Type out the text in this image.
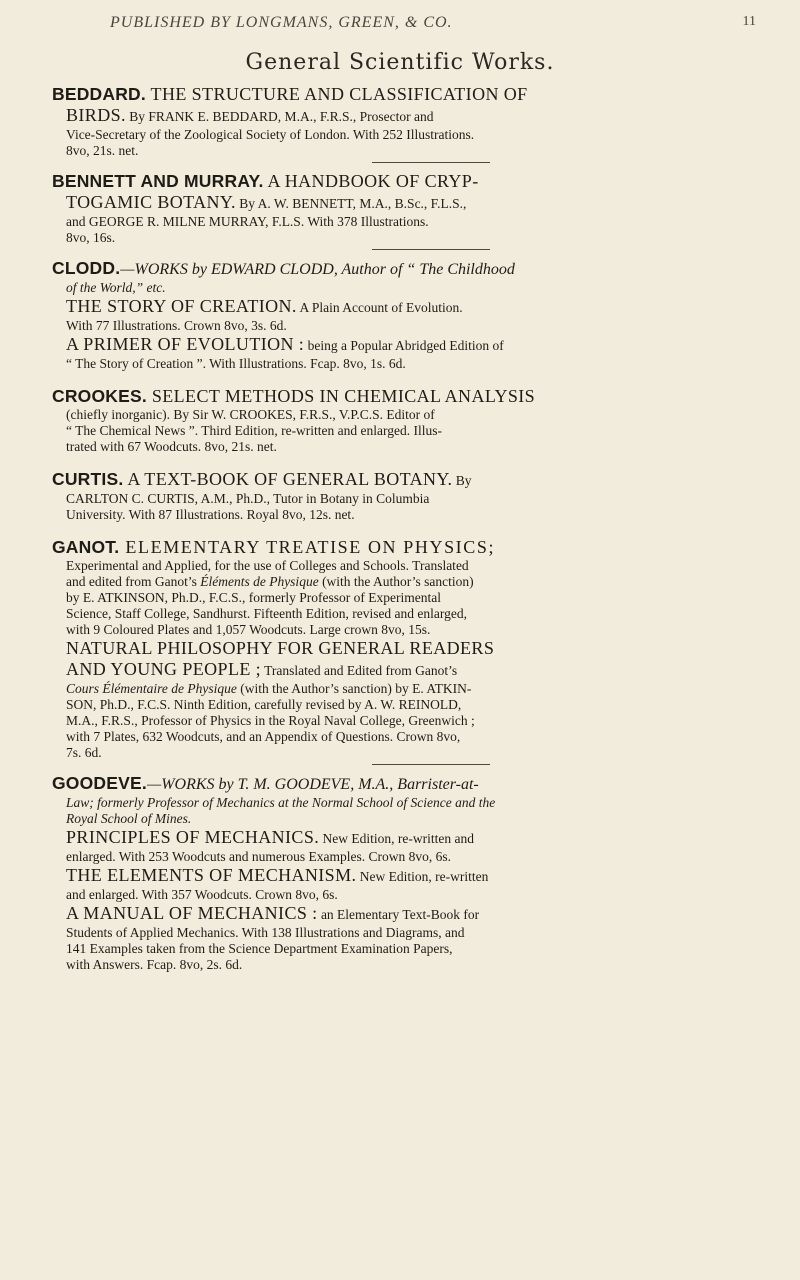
PUBLISHED BY LONGMANS, GREEN, & CO.	11
General Scientific Works.
BEDDARD. THE STRUCTURE AND CLASSIFICATION OF
BIRDS. By FRANK E. BEDDARD, M.A., F.R.S., Prosector and
Vice-Secretary of the Zoological Society of London. With 252 Illustrations.
8vo, 21s. net.
BENNETT AND MURRAY. A HANDBOOK OF CRYP-
TOGAMIC BOTANY. By A. W. BENNETT, M.A., B.Sc., F.L.S.,
and GEORGE R. MILNE MURRAY, F.L.S. With 378 Illustrations.
8vo, 16s.
CLODD.—WORKS by EDWARD CLODD, Author of “ The Childhood
of the World,” etc.
THE STORY OF CREATION. A Plain Account of Evolution.
With 77 Illustrations. Crown 8vo, 3s. 6d.
A PRIMER OF EVOLUTION : being a Popular Abridged Edition of
“ The Story of Creation ”. With Illustrations. Fcap. 8vo, 1s. 6d.
CROOKES. SELECT METHODS IN CHEMICAL ANALYSIS
(chiefly inorganic). By Sir W. CROOKES, F.R.S., V.P.C.S. Editor of
“ The Chemical News ”. Third Edition, re-written and enlarged. Illus-
trated with 67 Woodcuts. 8vo, 21s. net.
CURTIS. A TEXT-BOOK OF GENERAL BOTANY. By
CARLTON C. CURTIS, A.M., Ph.D., Tutor in Botany in Columbia
University. With 87 Illustrations. Royal 8vo, 12s. net.
GANOT. ELEMENTARY TREATISE ON PHYSICS;
Experimental and Applied, for the use of Colleges and Schools. Translated
and edited from Ganot’s Éléments de Physique (with the Author’s sanction)
by E. ATKINSON, Ph.D., F.C.S., formerly Professor of Experimental
Science, Staff College, Sandhurst. Fifteenth Edition, revised and enlarged,
with 9 Coloured Plates and 1,057 Woodcuts. Large crown 8vo, 15s.
NATURAL PHILOSOPHY FOR GENERAL READERS
AND YOUNG PEOPLE ; Translated and Edited from Ganot’s
Cours Élémentaire de Physique (with the Author’s sanction) by E. ATKIN-
SON, Ph.D., F.C.S. Ninth Edition, carefully revised by A. W. REINOLD,
M.A., F.R.S., Professor of Physics in the Royal Naval College, Greenwich ;
with 7 Plates, 632 Woodcuts, and an Appendix of Questions. Crown 8vo,
7s. 6d.
GOODEVE.—WORKS by T. M. GOODEVE, M.A., Barrister-at-
Law; formerly Professor of Mechanics at the Normal School of Science and the
Royal School of Mines.
PRINCIPLES OF MECHANICS. New Edition, re-written and
enlarged. With 253 Woodcuts and numerous Examples. Crown 8vo, 6s.
THE ELEMENTS OF MECHANISM. New Edition, re-written
and enlarged. With 357 Woodcuts. Crown 8vo, 6s.
A MANUAL OF MECHANICS : an Elementary Text-Book for
Students of Applied Mechanics. With 138 Illustrations and Diagrams, and
141 Examples taken from the Science Department Examination Papers,
with Answers. Fcap. 8vo, 2s. 6d.
